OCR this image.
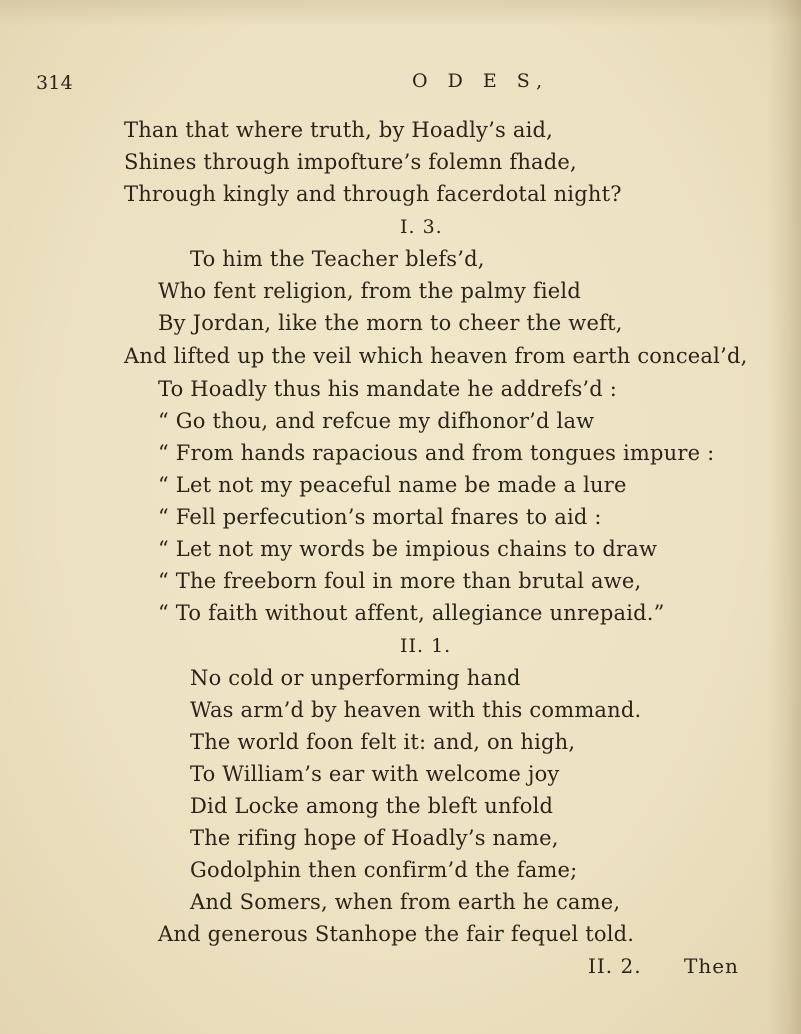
314	O D E S,
Than that where truth, by Hoadly’s aid,
Shines through impofture’s folemn fhade,
Through kingly and through facerdotal night?
I. 3.
To him the Teacher blefs’d,
Who fent religion, from the palmy field
By Jordan, like the morn to cheer the weft,
And lifted up the veil which heaven from earth conceal’d,
To Hoadly thus his mandate he addrefs’d :
“ Go thou, and refcue my difhonor’d law
“ From hands rapacious and from tongues impure :
“ Let not my peaceful name be made a lure
“ Fell perfecution’s mortal fnares to aid :
“ Let not my words be impious chains to draw
“ The freeborn foul in more than brutal awe,
“ To faith without affent, allegiance unrepaid.”
II. 1.
No cold or unperforming hand
Was arm’d by heaven with this command.
The world foon felt it: and, on high,
To William’s ear with welcome joy
Did Locke among the bleft unfold
The rifing hope of Hoadly’s name,
Godolphin then confirm’d the fame;
And Somers, when from earth he came,
And generous Stanhope the fair fequel told.
II. 2. Then
